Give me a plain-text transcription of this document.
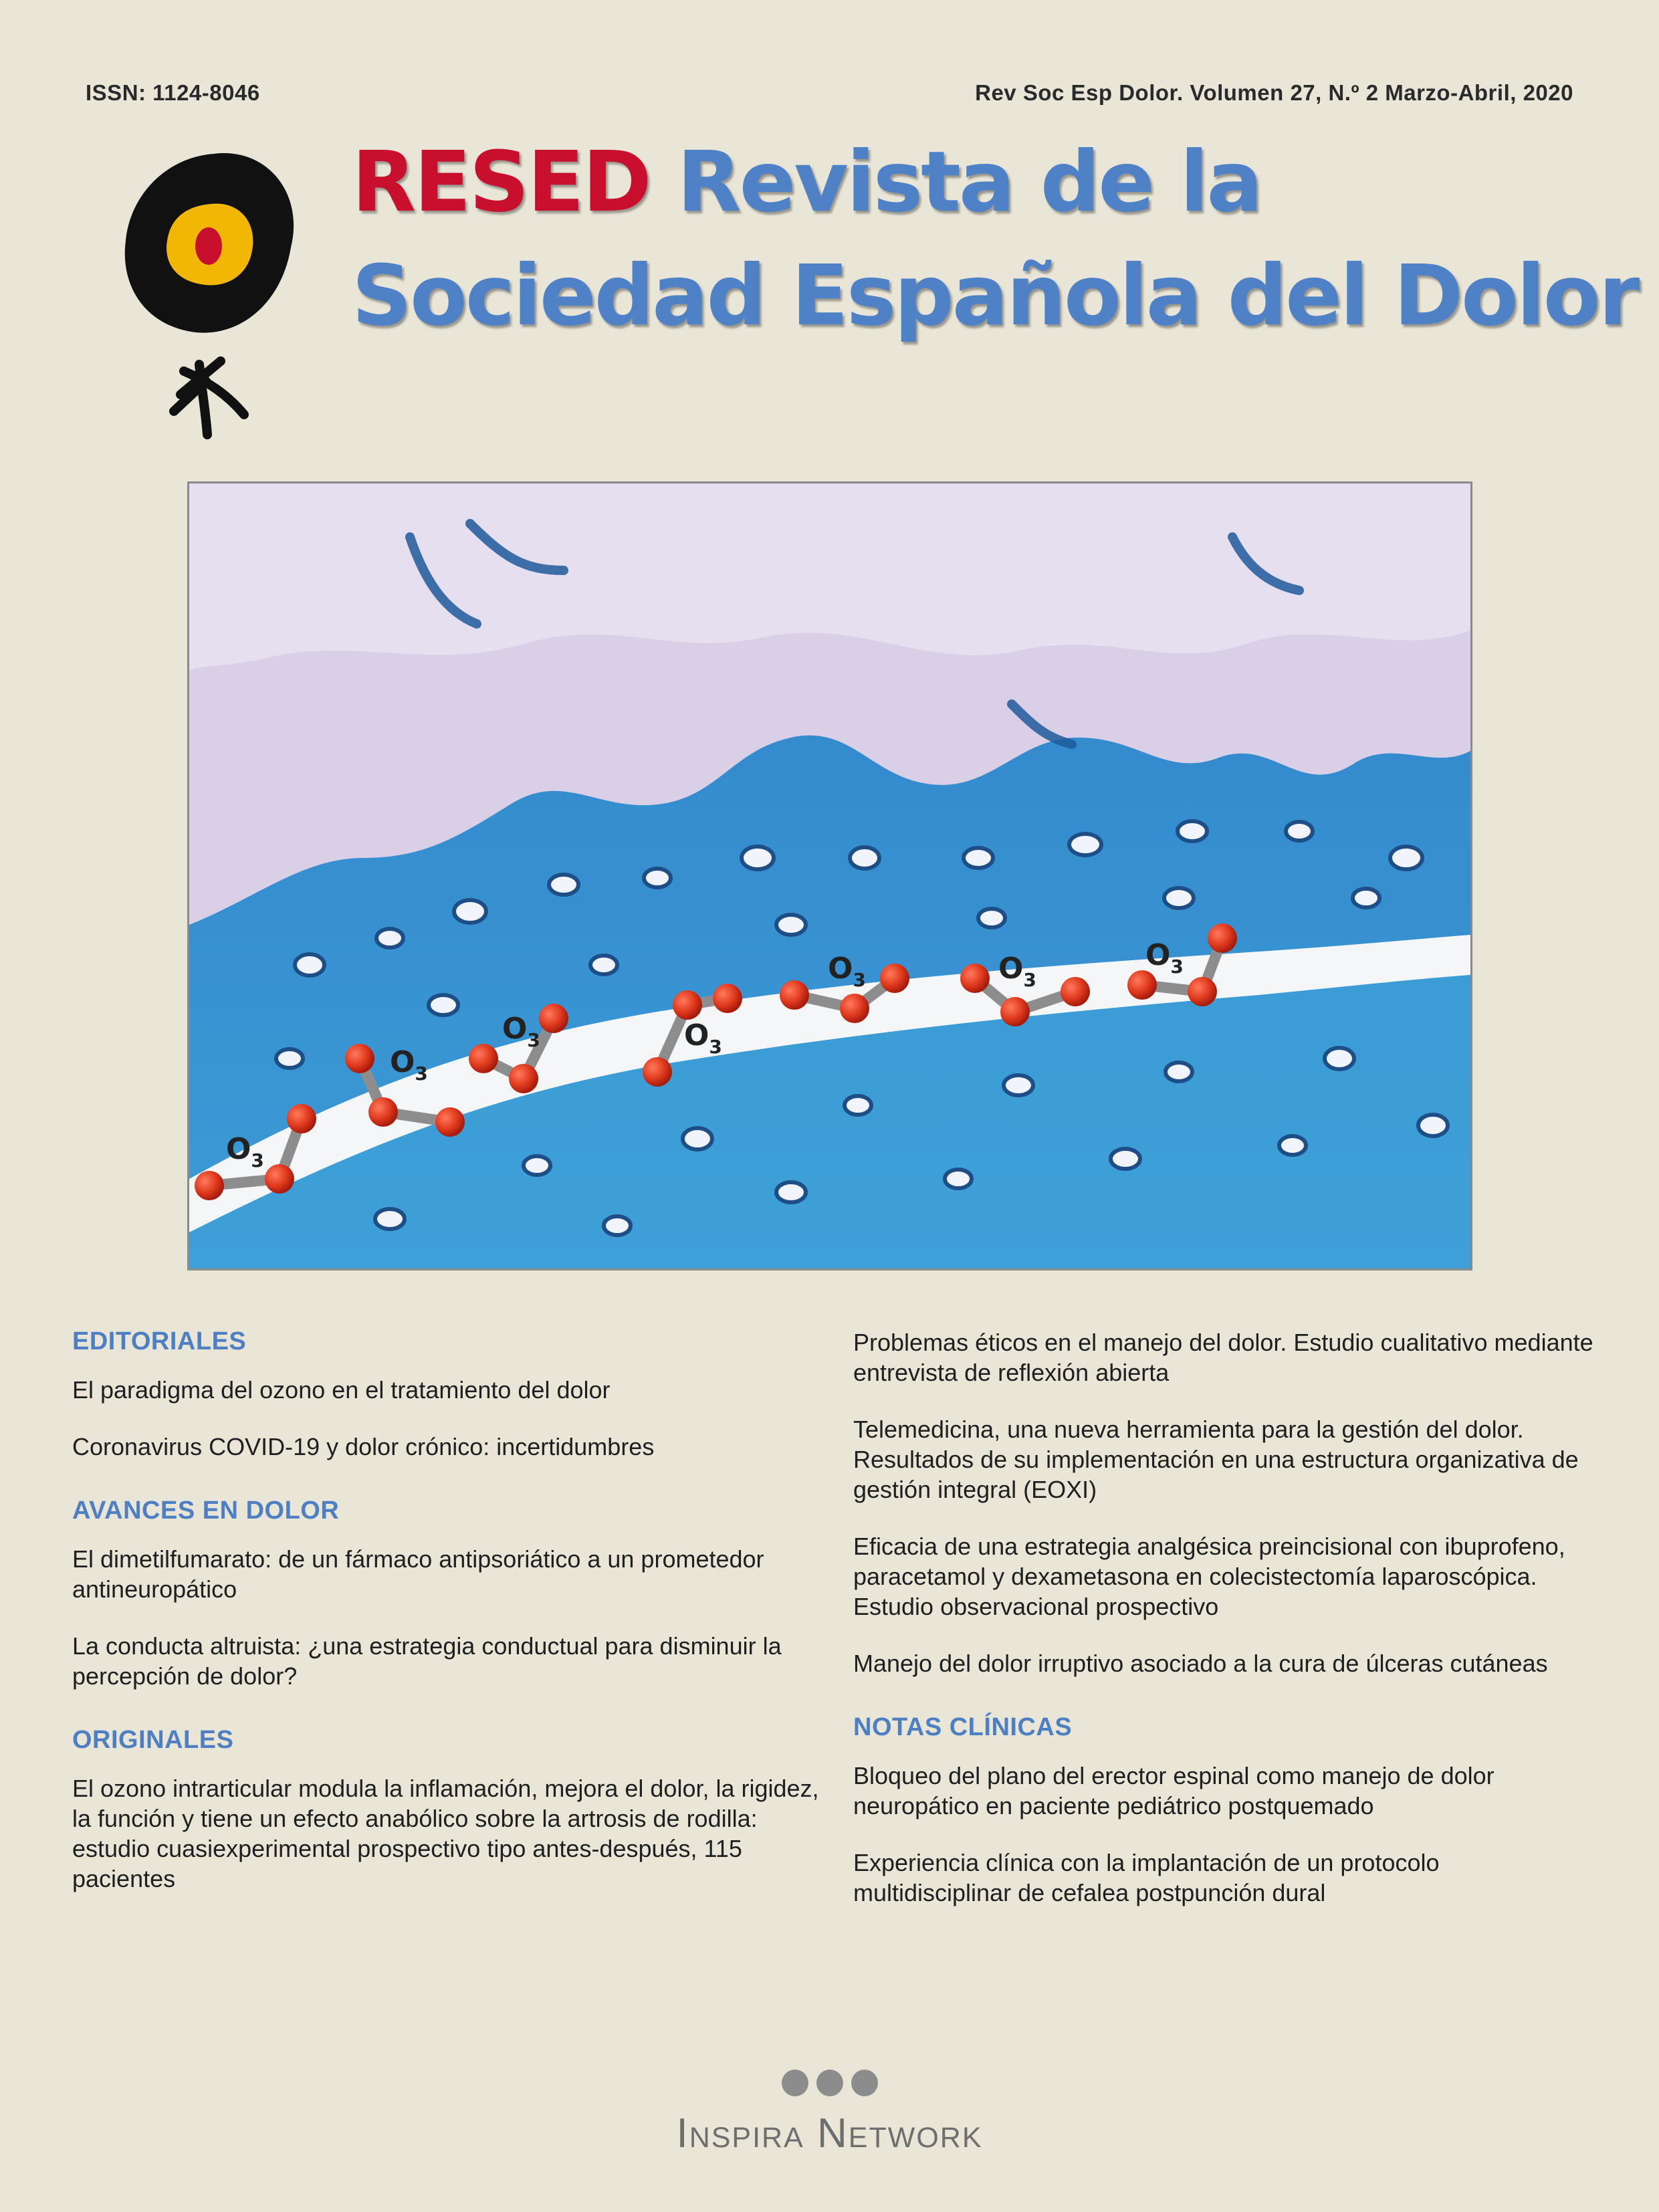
ISSN: 1124-8046	Rev Soc Esp Dolor. Volumen 27, N.º 2 Marzo-Abril, 2020
RESED Revista de la
Sociedad Española del Dolor
$O_3$
$O_3$
$O_3$	$O_3$
$O_3$	$O_3$
$O_3$
EDITORIALES
El paradigma del ozono en el tratamiento del dolor
Coronavirus COVID-19 y dolor crónico: incertidumbres
AVANCES EN DOLOR
El dimetilfumarato: de un fármaco antipsoriático a un prometedor antineuropático
La conducta altruista: ¿una estrategia conductual para disminuir la percepción de dolor?
ORIGINALES
El ozono intrarticular modula la inflamación, mejora el dolor, la rigidez, la función y tiene un efecto anabólico sobre la artrosis de rodilla: estudio cuasiexperimental prospectivo tipo antes-después, 115 pacientes
Problemas éticos en el manejo del dolor. Estudio cualitativo mediante entrevista de reflexión abierta
Telemedicina, una nueva herramienta para la gestión del dolor. Resultados de su implementación en una estructura organizativa de gestión integral (EOXI)
Eficacia de una estrategia analgésica preincisional con ibuprofeno, paracetamol y dexametasona en colecistectomía laparoscópica. Estudio observacional prospectivo
Manejo del dolor irruptivo asociado a la cura de úlceras cutáneas
NOTAS CLÍNICAS
Bloqueo del plano del erector espinal como manejo de dolor neuropático en paciente pediátrico postquemado
Experiencia clínica con la implantación de un protocolo multidisciplinar de cefalea postpunción dural
Inspira Network
